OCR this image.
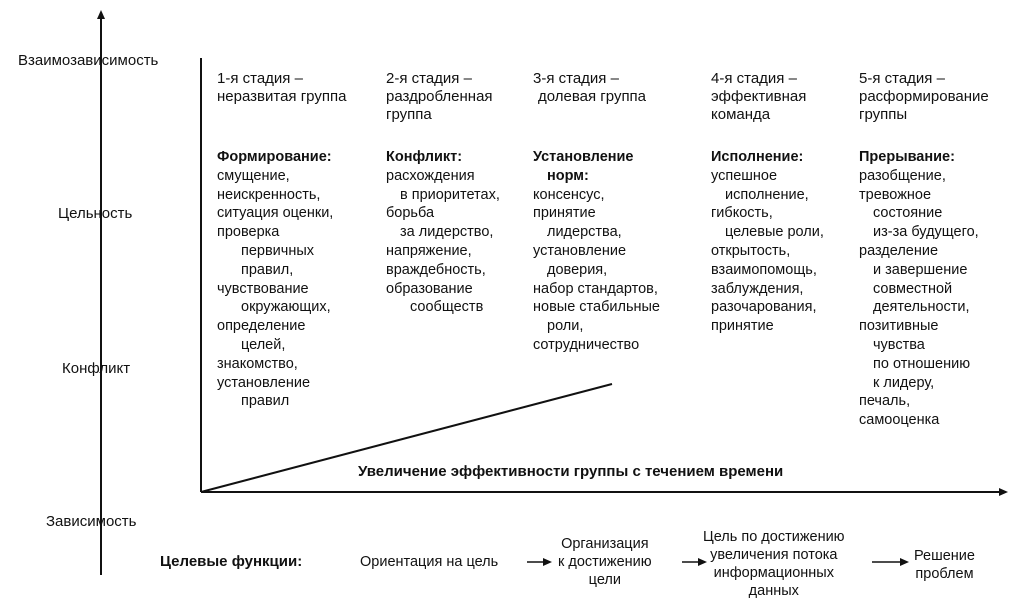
Взаимозависимость
Цельность
Конфликт
Зависимость
1-я стадия –
неразвитая группа
2-я стадия –
раздробленная
группа
3-я стадия –
долевая группа
4-я стадия –
эффективная
команда
5-я стадия –
расформирование
группы
Формирование:
смущение,
неискренность,
ситуация оценки,
проверка
первичных
правил,
чувствование
окружающих,
определение
целей,
знакомство,
установление
правил
Конфликт:
расхождения
в приоритетах,
борьба
за лидерство,
напряжение,
враждебность,
образование
сообществ
Установление
норм:
консенсус,
принятие
лидерства,
установление
доверия,
набор стандартов,
новые стабильные
роли,
сотрудничество
Исполнение:
успешное
исполнение,
гибкость,
целевые роли,
открытость,
взаимопомощь,
заблуждения,
разочарования,
принятие
Прерывание:
разобщение,
тревожное
состояние
из-за будущего,
разделение
и завершение
совместной
деятельности,
позитивные
чувства
по отношению
к лидеру,
печаль,
самооценка
Увеличение эффективности группы с течением времени
Целевые функции:	Ориентация на цель
Организация
к достижению
цели
Цель по достижению
увеличения потока
информационных
данных
Решение
проблем
